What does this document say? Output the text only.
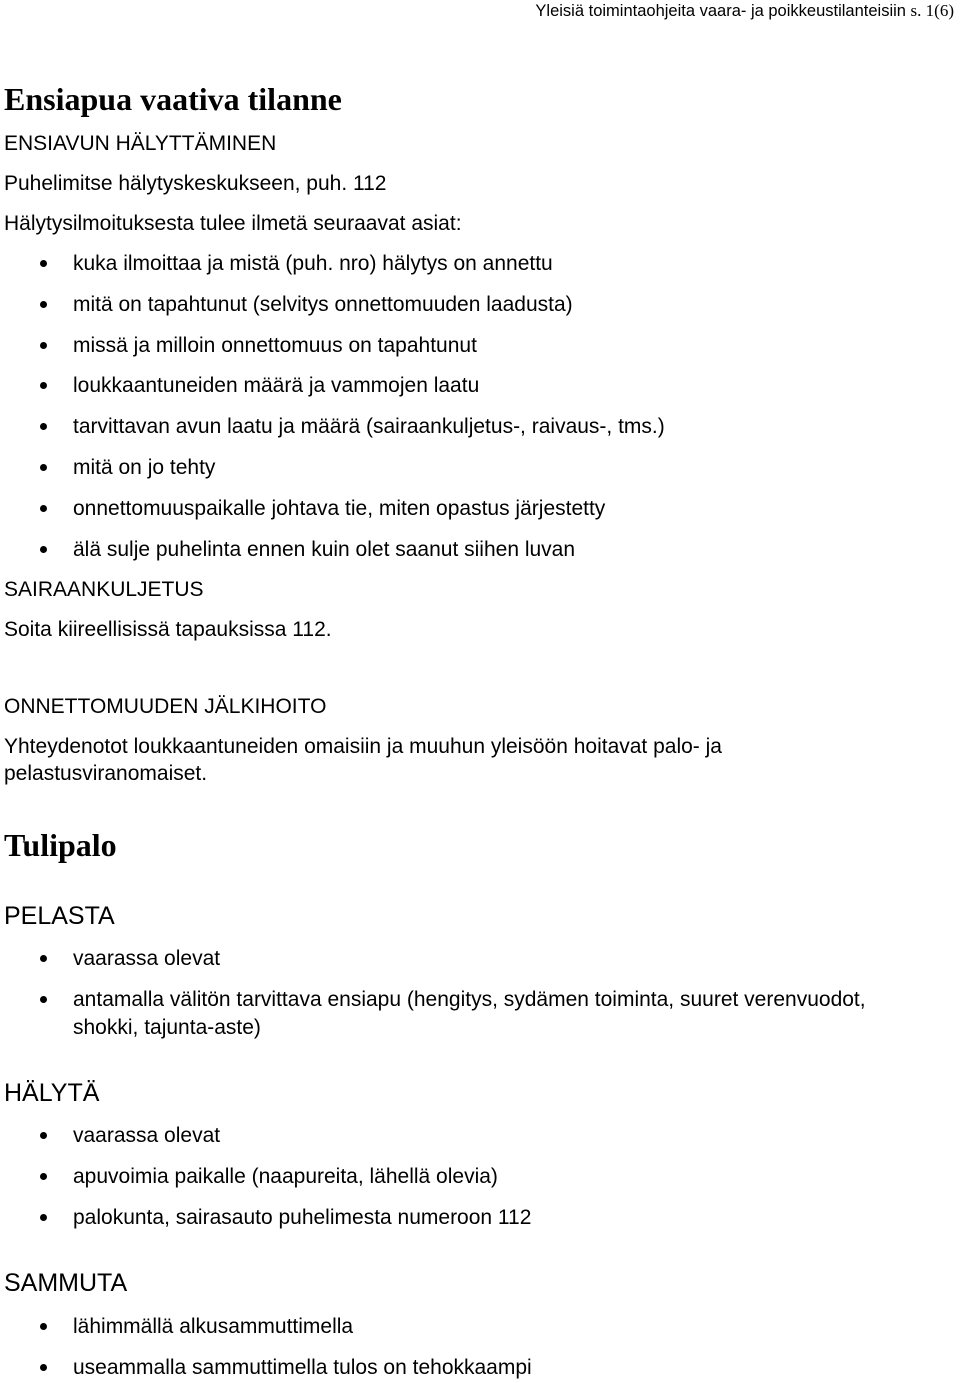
Yleisiä toimintaohjeita vaara- ja poikkeustilanteisiin s. 1(6)
Ensiapua vaativa tilanne
ENSIAVUN HÄLYTTÄMINEN
Puhelimitse hälytyskeskukseen, puh. 112
Hälytysilmoituksesta tulee ilmetä seuraavat asiat:
kuka ilmoittaa ja mistä (puh. nro) hälytys on annettu
mitä on tapahtunut (selvitys onnettomuuden laadusta)
missä ja milloin onnettomuus on tapahtunut
loukkaantuneiden määrä ja vammojen laatu
tarvittavan avun laatu ja määrä (sairaankuljetus-, raivaus-, tms.)
mitä on jo tehty
onnettomuuspaikalle johtava tie, miten opastus järjestetty
älä sulje puhelinta ennen kuin olet saanut siihen luvan
SAIRAANKULJETUS
Soita kiireellisissä tapauksissa 112.
ONNETTOMUUDEN JÄLKIHOITO
Yhteydenotot loukkaantuneiden omaisiin ja muuhun yleisöön hoitavat palo- ja
pelastusviranomaiset.
Tulipalo
PELASTA
vaarassa olevat
antamalla välitön tarvittava ensiapu (hengitys, sydämen toiminta, suuret verenvuodot, shokki, tajunta-aste)
HÄLYTÄ
vaarassa olevat
apuvoimia paikalle (naapureita, lähellä olevia)
palokunta, sairasauto puhelimesta numeroon 112
SAMMUTA
lähimmällä alkusammuttimella
useammalla sammuttimella tulos on tehokkaampi
